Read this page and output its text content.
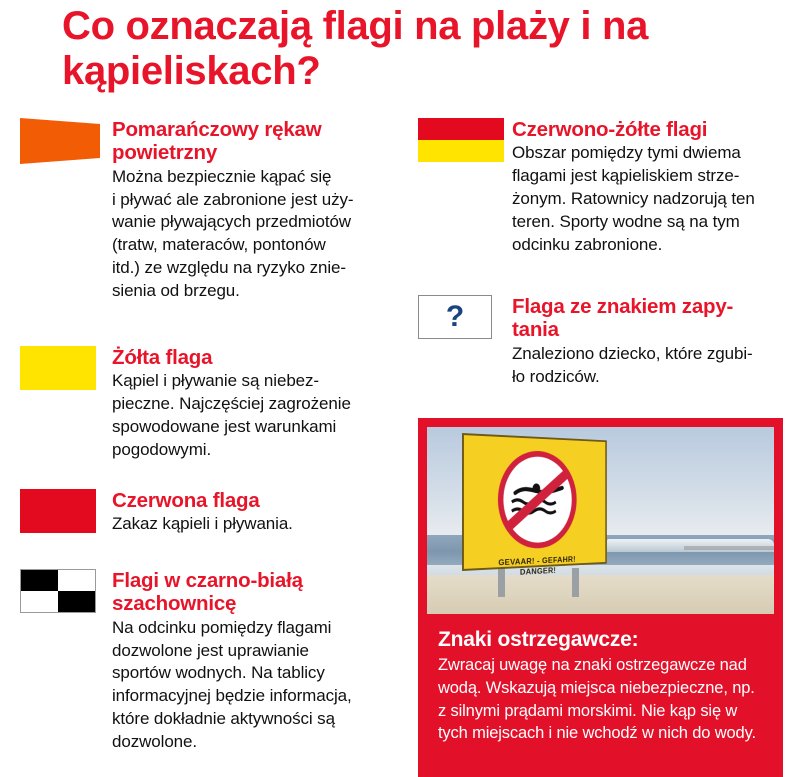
Co oznaczają flagi na plaży i na kąpieliskach?

Pomarańczowy rękaw powietrzny

Można bezpiecznie kąpać się
i pływać ale zabronione jest uży-
wanie pływających przedmiotów
(tratw, materaców, pontonów
itd.) ze względu na ryzyko znie-
sienia od brzegu.

Żółta flaga

Kąpiel i pływanie są niebez-
pieczne. Najczęściej zagrożenie
spowodowane jest warunkami
pogodowymi.

Czerwona flaga

Zakaz kąpieli i pływania.

Flagi w czarno-białą szachownicę

Na odcinku pomiędzy flagami
dozwolone jest uprawianie
sportów wodnych. Na tablicy
informacyjnej będzie informacja,
które dokładnie aktywności są
dozwolone.

Czerwono-żółte flagi

Obszar pomiędzy tymi dwiema
flagami jest kąpieliskiem strze-
żonym. Ratownicy nadzorują ten
teren. Sporty wodne są na tym
odcinku zabronione.

? Flaga ze znakiem zapy-
tania

Znaleziono dziecko, które zgubi-
ło rodziców.

GEVAAR! - GEFAHR!
DANGER!
Znaki ostrzegawcze:

Zwracaj uwagę na znaki ostrzegawcze nad
wodą. Wskazują miejsca niebezpieczne, np.
z silnymi prądami morskimi. Nie kąp się w
tych miejscach i nie wchodź w nich do wody.
